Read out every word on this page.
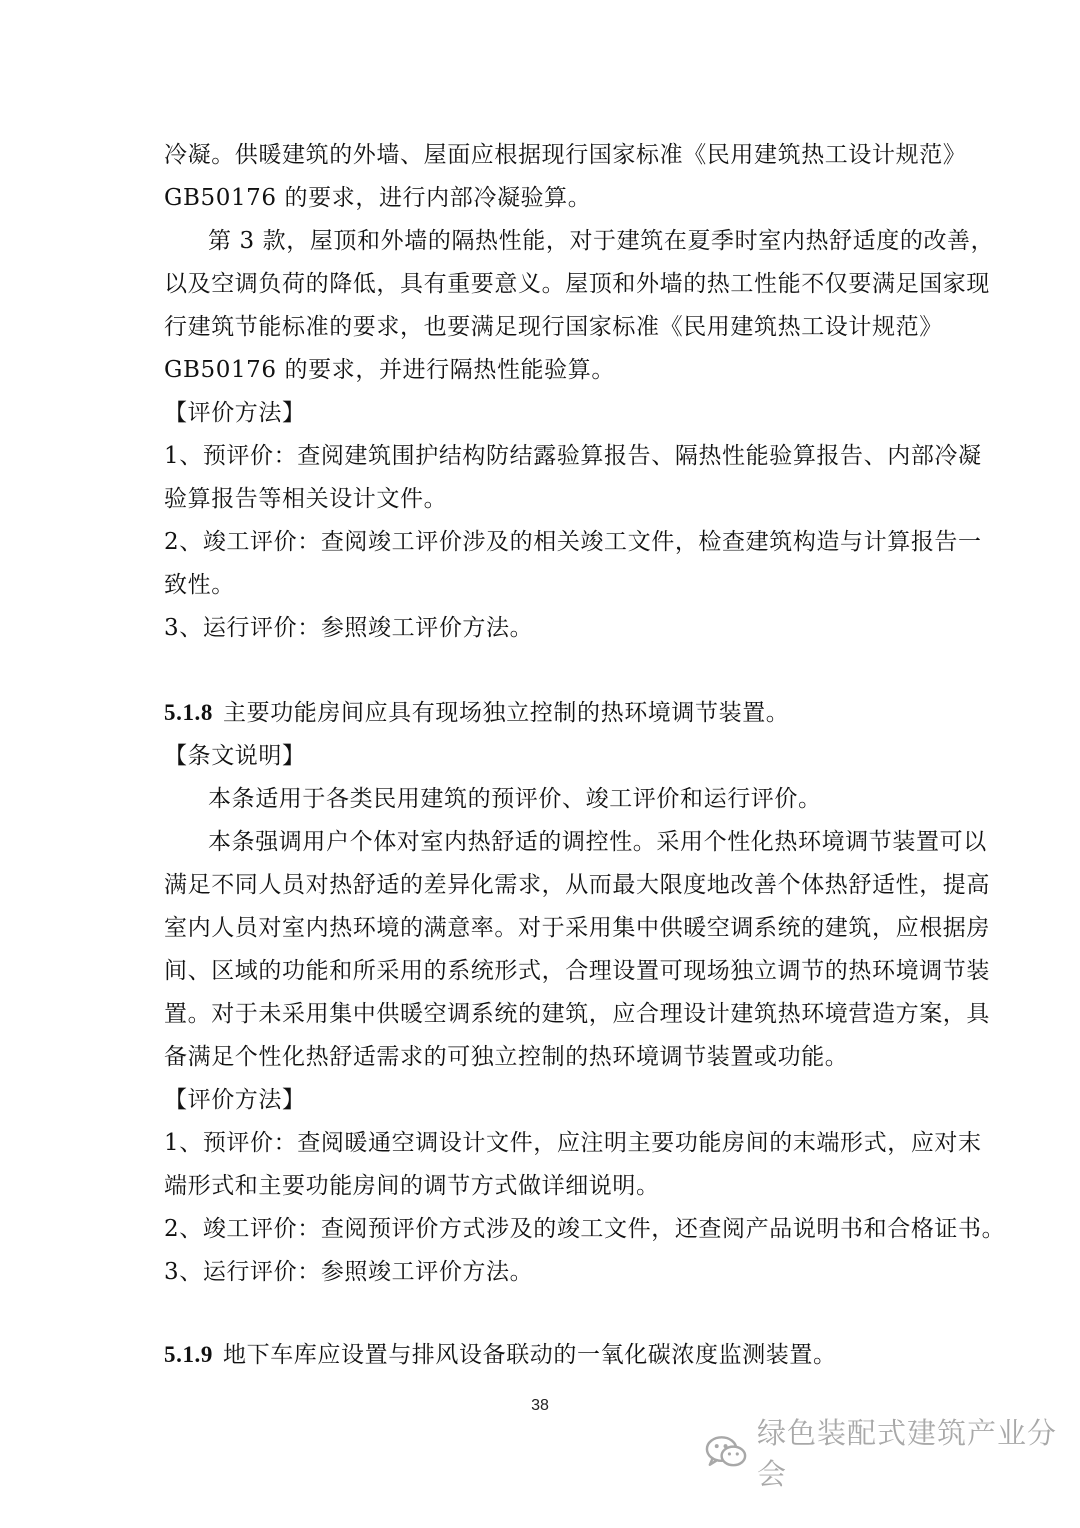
冷凝。供暖建筑的外墙、屋面应根据现行国家标准《民用建筑热工设计规范》
GB50176 的要求，进行内部冷凝验算。
第 3 款，屋顶和外墙的隔热性能，对于建筑在夏季时室内热舒适度的改善，
以及空调负荷的降低，具有重要意义。屋顶和外墙的热工性能不仅要满足国家现
行建筑节能标准的要求，也要满足现行国家标准《民用建筑热工设计规范》
GB50176 的要求，并进行隔热性能验算。
【评价方法】
1、预评价：查阅建筑围护结构防结露验算报告、隔热性能验算报告、内部冷凝
验算报告等相关设计文件。
2、竣工评价：查阅竣工评价涉及的相关竣工文件，检查建筑构造与计算报告一
致性。
3、运行评价：参照竣工评价方法。
5.1.8 主要功能房间应具有现场独立控制的热环境调节装置。
【条文说明】
本条适用于各类民用建筑的预评价、竣工评价和运行评价。
本条强调用户个体对室内热舒适的调控性。采用个性化热环境调节装置可以
满足不同人员对热舒适的差异化需求，从而最大限度地改善个体热舒适性，提高
室内人员对室内热环境的满意率。对于采用集中供暖空调系统的建筑，应根据房
间、区域的功能和所采用的系统形式，合理设置可现场独立调节的热环境调节装
置。对于未采用集中供暖空调系统的建筑，应合理设计建筑热环境营造方案，具
备满足个性化热舒适需求的可独立控制的热环境调节装置或功能。
【评价方法】
1、预评价：查阅暖通空调设计文件，应注明主要功能房间的末端形式，应对末
端形式和主要功能房间的调节方式做详细说明。
2、竣工评价：查阅预评价方式涉及的竣工文件，还查阅产品说明书和合格证书。
3、运行评价：参照竣工评价方法。
5.1.9 地下车库应设置与排风设备联动的一氧化碳浓度监测装置。
38
绿色装配式建筑产业分会
